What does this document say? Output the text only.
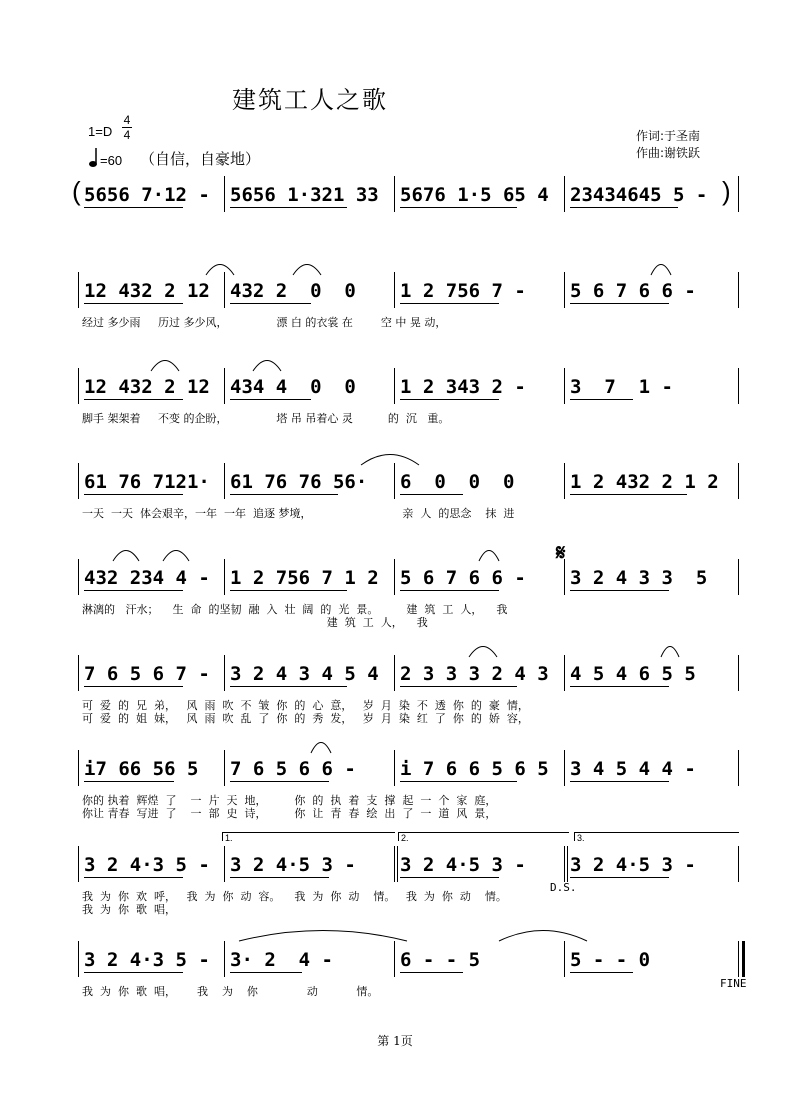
建筑工人之歌
1=D
4
4
=60 （自信，自豪地）
作词:于圣南
作曲:谢铁跃
5656 7·12 - 5656 1·321 33 5676 1·5 65 4 23434645 5 -
(	)
12 432 2 12 432 2  0  0 1 2 756 7 - 5 6 7 6 6 -
经过 多少雨     历过 多少风，              漂 白 的衣裳 在        空 中 晃 动，
12 432 2 12 434 4  0  0 1 2 343 2 - 3  7  1 -
脚手 架架着     不变 的企盼，              塔 吊 吊着心 灵          的  沉   重。
61 76 7121· 61 76 76 56· 6  0  0  0	1 2 432 2 1 2
一天  一天  体会艰辛，一年  一年  追逐 梦境，                          亲  人  的思念    抹  进
432 234 4 - 1 2 756 7 1 2 5 6 7 6 6 - 3 2 4 3 3  5
淋漓的   汗水；    生  命  的坚韧  融  入  壮  阔  的  光  景。        建  筑  工  人，    我
建  筑  工  人，    我
7 6 5 6 7 - 3 2 4 3 4 5 4 2 3 3 3 2 4 3 4 5 4 6 5 5
可  爱  的  兄  弟，   风  雨  吹  不  皱  你  的  心  意，   岁  月  染  不  透  你  的  豪  情，
可  爱  的  姐  妹，   风  雨  吹  乱  了  你  的  秀  发，   岁  月  染  红  了  你  的  娇  容，
i7 66 56 5 7 6 5 6 6 - i 7 6 6 5 6 5 3 4 5 4 4 -
你的 执着  辉煌  了    一  片  天  地，        你  的  执  着  支  撑  起  一  个  家  庭，
你让 青春  写进  了    一  部  史  诗，        你  让  青  春  绘  出  了  一  道  风  景，
3 2 4·3 5 - 3 2 4·5 3 - 3 2 4·5 3 - 3 2 4·5 3 -
我  为  你  欢  呼，   我  为  你  动  容。    我  为  你  动    情。   我  为  你  动    情。
我  为  你  歌  唱，
3 2 4·3 5 - 3· 2  4 -	6 - - 5	5 - - 0
我  为  你  歌  唱，      我    为    你              动           情。
第 1页
1.	2.	3.
𝄋
D.S.
FINE
